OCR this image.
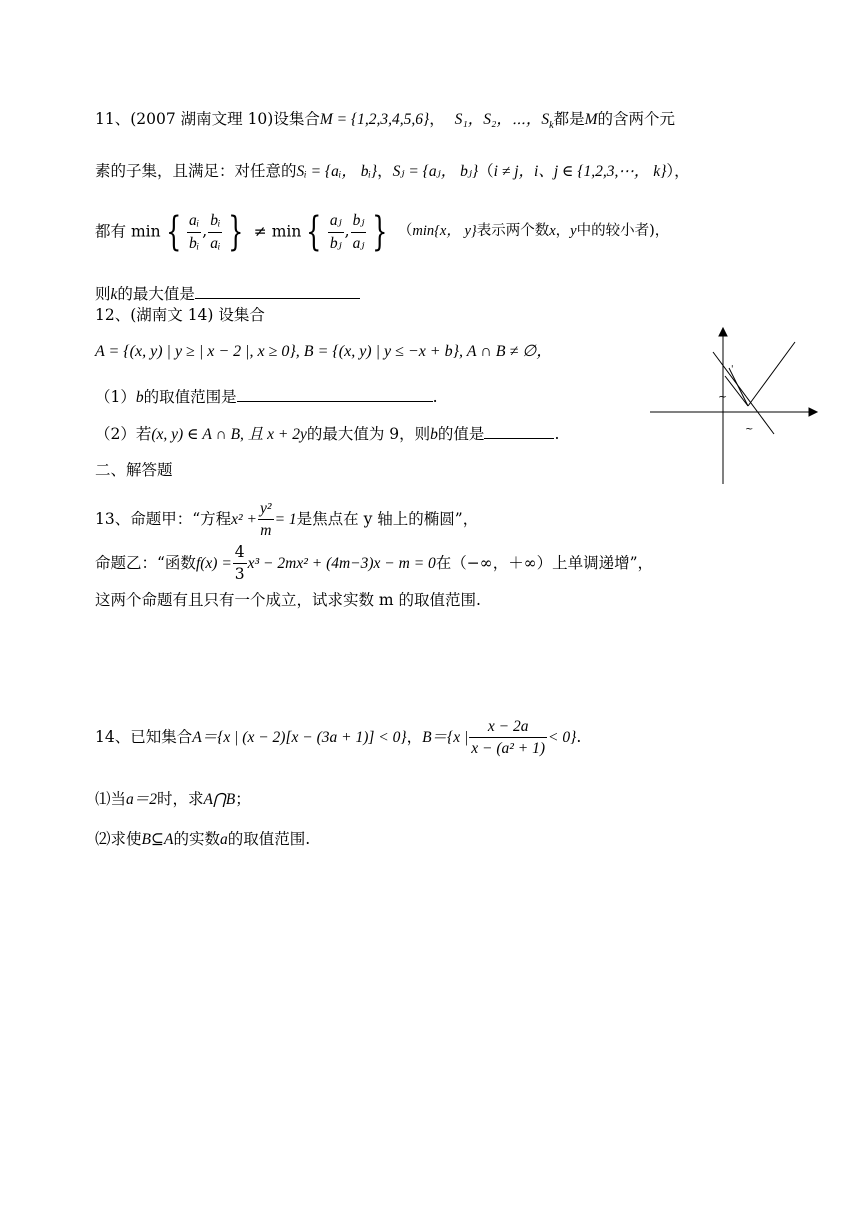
11、(2007 湖南文理 10)设集合M = {1,2,3,4,5,6}， S₁，S₂，⋯，$S_k$都是M的含两个元
素的子集，且满足：对任意的Sᵢ = {aᵢ， bᵢ}，Sⱼ = {aⱼ， bⱼ}（i ≠ j，i、j ∈ {1,2,3,⋯， k}），
都有 min { $\frac{\text{aᵢ}}{\text{bᵢ}}$ , $\frac{\text{bᵢ}}{\text{aᵢ}}$ } ≠ min { $\frac{\text{aⱼ}}{\text{bⱼ}}$ , $\frac{\text{bⱼ}}{\text{aⱼ}}$ } （min{x， y}表示两个数x，y中的较小者)，
则k的最大值是
12、(湖南文 14) 设集合
A = {(x, y) | y ≥ | x − 2 |, x ≥ 0}, B = {(x, y) | y ≤ −x + b}, A ∩ B ≠ ∅，
（1）b的取值范围是	.
（2）若(x, y) ∈ A ∩ B, 且 x + 2y的最大值为 9，则b的值是	.
'
~
~
二、解答题
13、命题甲：“方程$x^2 + \frac{\text{y²}}{m} = 1$是焦点在 y 轴上的椭圆”，
命题乙：“函数$f(x) = \frac{4}{3} x^3 - 2mx^2 + (4m-3)x - m = 0$在（−∞，＋∞）上单调递增”，
这两个命题有且只有一个成立，试求实数 m 的取值范围.
14、已知集合A＝{x | (x − 2)[x − (3a + 1)] < 0}，B＝{x | $\frac{x - 2a}{\text{x − (a² + 1)}} < 0$}.
⑴当a＝2时，求A⋂B；
⑵求使B⊆A的实数a的取值范围.
